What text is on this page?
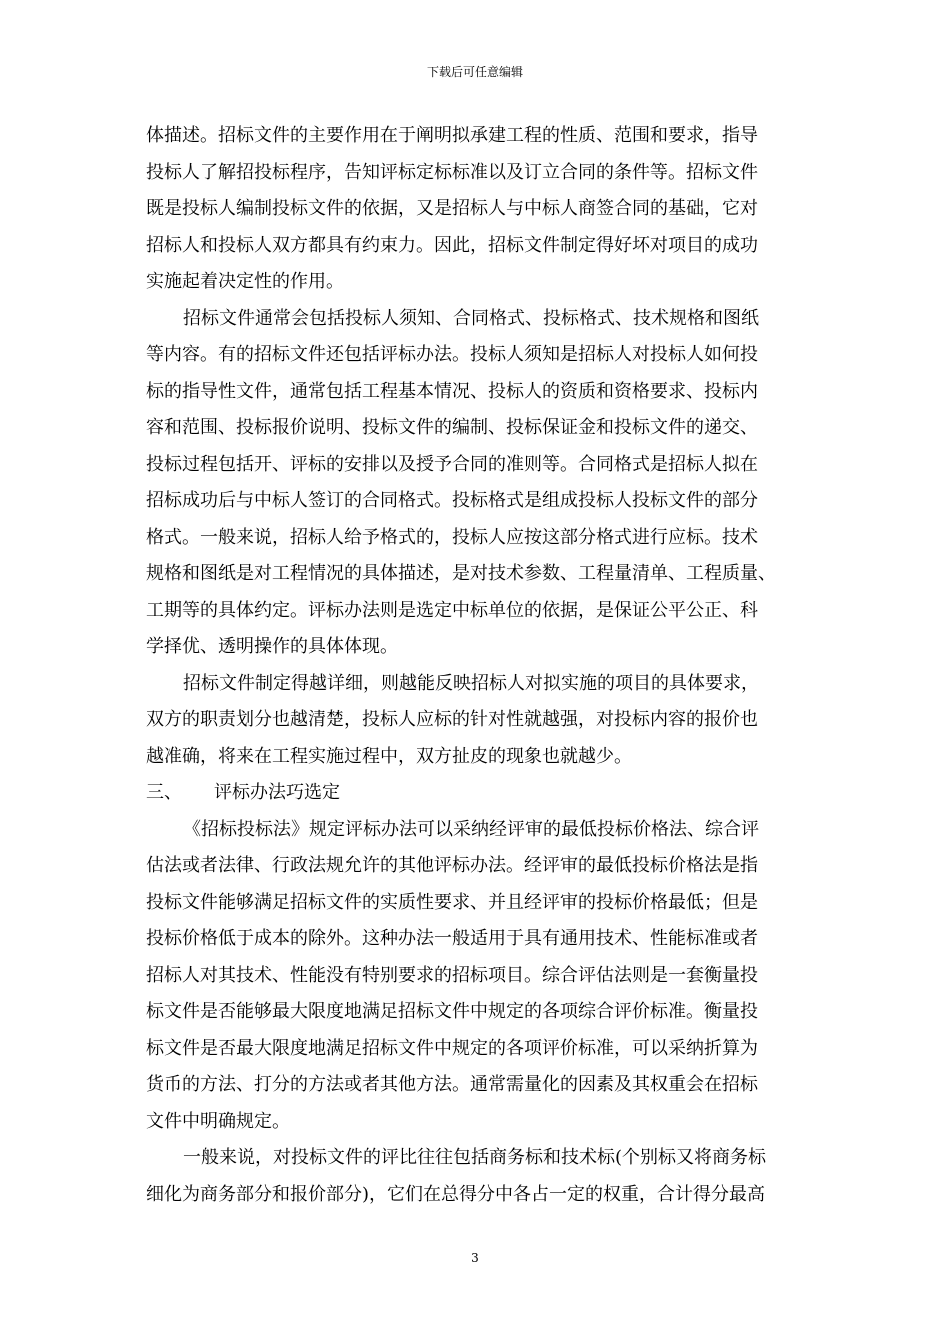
下载后可任意编辑
体描述。招标文件的主要作用在于阐明拟承建工程的性质、范围和要求，指导
投标人了解招投标程序，告知评标定标标准以及订立合同的条件等。招标文件
既是投标人编制投标文件的依据，又是招标人与中标人商签合同的基础，它对
招标人和投标人双方都具有约束力。因此，招标文件制定得好坏对项目的成功
实施起着决定性的作用。
招标文件通常会包括投标人须知、合同格式、投标格式、技术规格和图纸
等内容。有的招标文件还包括评标办法。投标人须知是招标人对投标人如何投
标的指导性文件，通常包括工程基本情况、投标人的资质和资格要求、投标内
容和范围、投标报价说明、投标文件的编制、投标保证金和投标文件的递交、
投标过程包括开、评标的安排以及授予合同的准则等。合同格式是招标人拟在
招标成功后与中标人签订的合同格式。投标格式是组成投标人投标文件的部分
格式。一般来说，招标人给予格式的，投标人应按这部分格式进行应标。技术
规格和图纸是对工程情况的具体描述，是对技术参数、工程量清单、工程质量、
工期等的具体约定。评标办法则是选定中标单位的依据，是保证公平公正、科
学择优、透明操作的具体体现。
招标文件制定得越详细，则越能反映招标人对拟实施的项目的具体要求，
双方的职责划分也越清楚，投标人应标的针对性就越强，对投标内容的报价也
越准确，将来在工程实施过程中，双方扯皮的现象也就越少。
三、 评标办法巧选定
《招标投标法》规定评标办法可以采纳经评审的最低投标价格法、综合评
估法或者法律、行政法规允许的其他评标办法。经评审的最低投标价格法是指
投标文件能够满足招标文件的实质性要求、并且经评审的投标价格最低；但是
投标价格低于成本的除外。这种办法一般适用于具有通用技术、性能标准或者
招标人对其技术、性能没有特别要求的招标项目。综合评估法则是一套衡量投
标文件是否能够最大限度地满足招标文件中规定的各项综合评价标准。衡量投
标文件是否最大限度地满足招标文件中规定的各项评价标准，可以采纳折算为
货币的方法、打分的方法或者其他方法。通常需量化的因素及其权重会在招标
文件中明确规定。
一般来说，对投标文件的评比往往包括商务标和技术标(个别标又将商务标
细化为商务部分和报价部分)，它们在总得分中各占一定的权重，合计得分最高
3
